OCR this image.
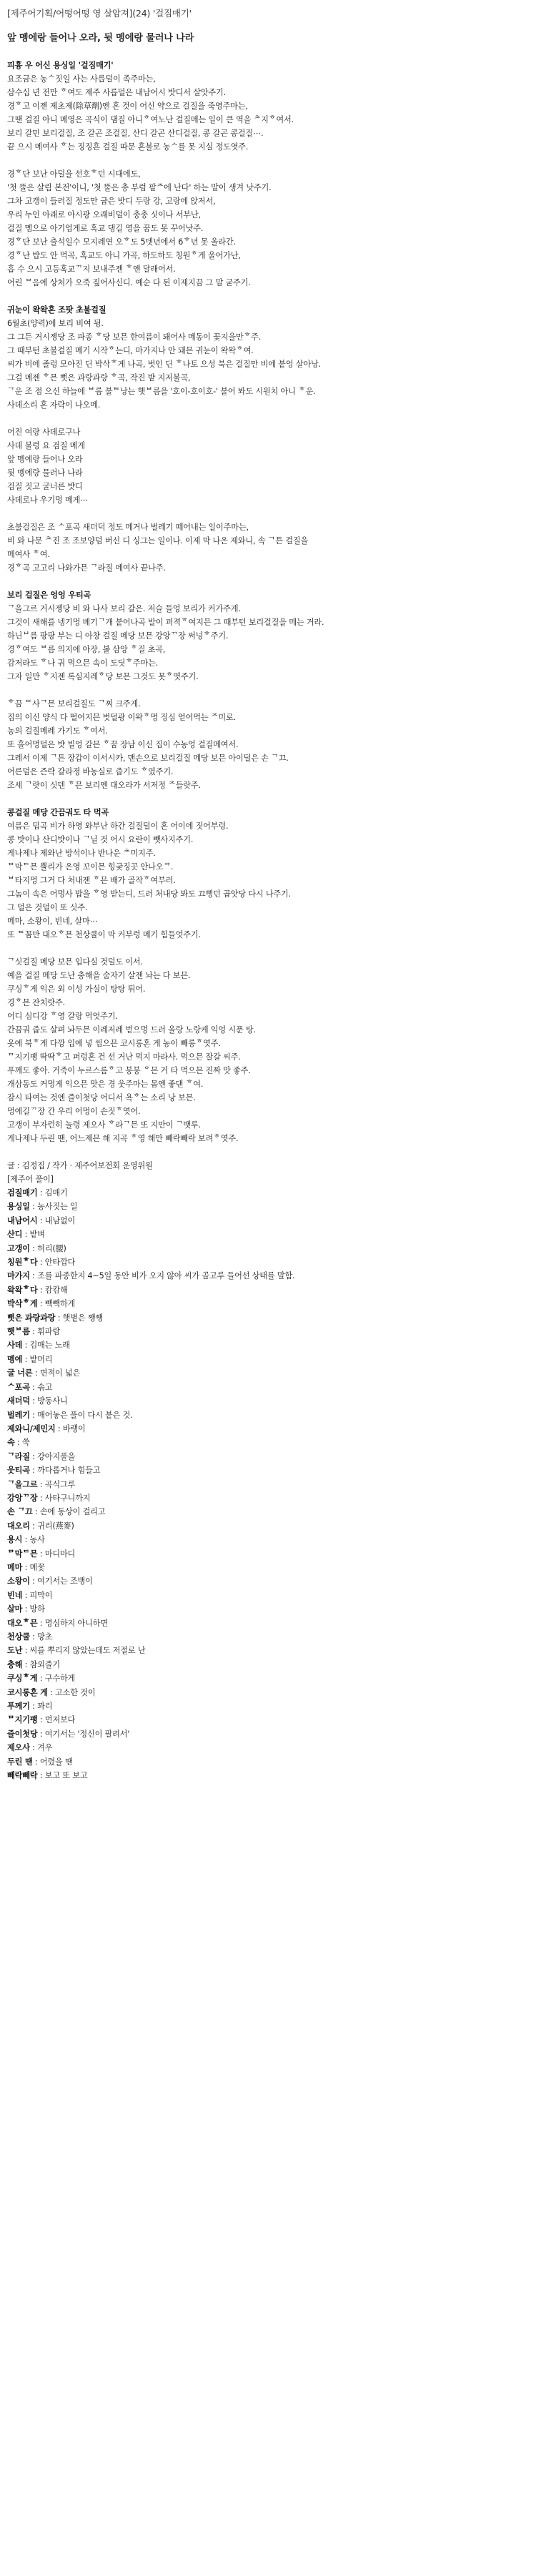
[제주어기획/어떵어떵 영 살암져](24) '걸짐매기'

앞 멩에랑 들어나 오라, 뒷 멩에랑 물러나 나라

피흉 우 어신 용싱일 '걸짐매기'

요조금은 농ᄉ짓일 사는 사릅덜이 족주마는,

삼수십 년 전만 ᄒ여도 제주 사릅덜은 내남어시 밧디서 살앗주기.

경ᄒ고 이젠 제초제(除草劑)엔 혼 것이 어신 약으로 걸질을 죽영주마는,

그땐 걸질 아니 메영은 곡식이 댐질 아니ᄒ여노난 걸질메는 일이 큰 역을 ᄎ지ᄒ여서.

보리 갈민 보리걸질, 조 갈곤 조걸질, 산디 갈곤 산디걸질, 콩 갈곤 콩걸질⋯.

끝 으시 메여사 ᄒ는 징징흔 걸질 따문 혼불로 농ᄉ를 못 지실 정도엿주.

경ᄒ단 보난 아덜을 선호ᄒ던 시대에도,

'첫 뚤은 살림 본전'이니, '첫 뚤은 총 부럼 팔ᄌ에 난다' 하는 말이 생겨 낫주기.

그차 고갱이 들러질 정도만 굽은 밧디 두랑 강, 고랑에 앉저서,

우리 누인 아래로 아시광 오래비덜이 총총 싯이나 서부난,

걸질 멤으로 아기업게로 혹교 댕길 영을 꿈도 못 꾸어낫주.

경ᄒ단 보난 출석일수 모지레연 오ᄒ도 5뎃년에서 6ᄒ년 못 올라간.

경ᄒ난 밥도 안 먹곡, 혹교도 아니 가곡, 하도하도 칭원ᄒ게 울어가난,

흡 수 으시 고등혹교ᄁ지 보내주젠 ᄒ엔 달래어서.

어린 ᄆ음에 상처가 오죽 짚어사신디. 예순 다 된 이제지끔 그 말 굳주기.

귀눈이 왁왁혼 조팟 초불걸질

6월초(양력)에 보리 비여 뒹.

그 그든 거시젱당 조 파종 ᄒ당 보믄 한여름이 돼어사 메동이 꽃지을만ᄒ주.

그 때부턴 초불걸질 메기 시작ᄒ는디, 마가지나 안 돼믄 귀눈이 왁왁ᄒ여.

씨가 비에 졸렁 모아진 딘 박삭ᄒ게 나곡, 벗인 딘 ᄒ나토 으성 북은 걸질만 비에 붙엉 살아낭.

그걸 메젠 ᄒ믄 뻣은 과랑과랑 ᄒ곡, 작진 밭 지저불곡,

ᄀ운 조 점 으신 하늘에 ᄇ롬 불ᄐ낭는 햇ᄇ름을 '호이-호이호-' 불어 봐도 시원치 아니 ᄒ운.

사데소리 혼 자락이 나오메.

어진 여랑 사데로구나

사데 불렁 요 검질 메게

앞 멩에랑 들어나 오라

뒷 멩에랑 물러나 나라

검질 짓고 굴너른 밧디

사데로나 우기멍 메게⋯

초불걸질은 조 ᄉ포곡 새더덕 정도 메거나 벌레기 떼어내는 일이주마는,

비 와 나문 ᄎ진 조 조보양덤 버신 디 싱그는 일이나. 이제 막 나온 제와니, 속 ᄀ튼 걸질을

메여사 ᄒ여.

경ᄒ곡 고고리 나와가믄 ᄀ라질 메여사 끝나주.

보리 걸질은 엉엉 우티곡

ᄀ을그르 거시젱당 비 와 나사 보리 갈은. 저슬 들엉 보리가 커가주게.

그것이 새해를 넹기멍 베기ᄀ개 붙어나곡 발이 퍼젹ᄒ여지믄 그 때부턴 보리걸질을 메는 거라.

하닌ᄇ름 팡팡 부는 디 아창 걸질 메당 보믄 강앙ᄁ장 써넝ᄒ주기.

경ᄒ여도 ᄇ름 의지에 아장, 볼 삼앙 ᄒ질 초곡,

감저라도 ᄒ나 궈 먹으믄 속이 도딧ᄒ주마는.

그자 일만 ᄒ지젠 록심지레ᄒ당 보믄 그것도 못ᄒ엿주기.

ᄒ끔 ᄄ사ᄀ믄 보리걸질도 ᄀ찌 크주게.

집의 이신 양식 다 떨어지믄 벗덜광 이왁ᄒ멍 징심 얻어먹는 ᄌ미로.

농의 걸질메레 가기도 ᄒ여서.

또 홀어멍덜은 밧 빌엉 갈믄 ᄒ꿈 장남 이신 집이 수농엉 걸질메여서.

그레서 이제 ᄀ튼 장갑이 이서시카, 맨손으로 보리걸질 메당 보믄 아이덜은 손 ᄀ끄.

어른덜은 즌락 갈라졍 바농실로 줍기도 ᄒ였주기.

조세 ᄀ랏이 싯덴 ᄒ믄 보리엔 대오라가 서저정 ᄌ들랏주.

콩걸질 메당 간끔궈도 타 먹곡

여름은 덥곡 비가 하영 와부난 하간 걸질덜이 혼 어이에 짓어부렁.

콩 밧이나 산디밧이나 ᄀ닐 것 어시 요란이 뺏사지주기.

게나제나 제와난 방석이나 반나운 ᄎ미지주.

ᄆ막ᄃ믄 뿔리가 온영 꼬이믄 힝궂징곳 안나오ᄏ.

ᄇ타지멍 그거 다 처내젠 ᄒ믄 배가 골작ᄒ여부러.

그놈이 속은 어멍사 밥을 ᄒ영 받는디, 드러 처내당 봐도 끄뻥던 곱앗당 다시 나주기.

그 덜은 것덜이 또 싯주.

메마, 소왕이, 빈네, 살마⋯

또 ᄐ꼼만 대오ᄒ믄 천상쿨이 막 커부렁 메기 힘들엇주기.

ᄀ싯걸질 메당 보믄 입다실 것덜도 이서.

예을 걸질 메당 도난 충해을 숨자기 살젠 놔는 다 보믄.

쿠싱ᄒ게 익은 외 이성 가실이 탕탕 튀어.

경ᄒ믄 잔치랏주.

어디 심디강 ᄒ영 갈랑 먹엇주기.

간끔궈 줍도 살펴 놔두믄 이레저레 벋으멍 드러 울랑 노랑케 익엉 시푼 탕.

옷에 북ᄒ게 다깡 입에 넣 씹으믄 코시롱혼 게 농이 빼롱ᄒ엿주.

ᄆ지기팽 딱딱ᄒ고 퍼렁혼 건 선 거난 먹지 마라사. 먹으믄 잘갈 씨주.

푸께도 좋아. 거죽이 누르스롬ᄒ고 붕붕 ᄋ믄 거 타 먹으믄 진짜 맛 좋주.

개삼동도 커멍게 익으믄 맛은 경 웃주마는 몸엔 좋댄 ᄒ여.

잠시 타여는 것엔 즐이첫당 어디서 욕ᄒ는 소리 낭 보믄.

멍에길ᄁ장 간 우리 어멍이 손짓ᄒ엿어.

고갱이 부자런히 놀령 제오사 ᄒ라ᄀ믄 또 지만이 ᄀ뱃루.

게나제나 두린 땐, 어느제믄 해 지곡 ᄒ영 해만 빼락빼락 보려ᄒ엿주.

글 : 김정집 / 작가 · 제주어보전회 운영위원

[제주어 풀이]

검질매기 : 김매기

용싱일 : 농사짓는 일

내남어시 : 내남없이

산디 : 밭벼

고갱이 : 허리(腰)

칭원ᄒ다 : 안타깝다

마가지 : 조를 파종한지 4~5일 동안 비가 오지 않아 씨가 골고루 들어선 상태를 말함.

왁왁ᄒ다 : 캄캄해

박삭ᄒ게 : 빽빽하게

뻣은 과랑과랑 : 햇볕은 쨍쨍

햇ᄇ름 : 휘파람

사데 : 김매는 노래

멩에 : 밭머리

굴 너른 : 면적이 넓은

ᄉ포곡 : 솎고

새더덕 : 방동사니

벌레기 : 매어놓은 풀이 다시 붙은 것.

제와니/제민지 : 바랭이

속 : 쑥

ᄀ라질 : 강아지풀을

웃티곡 : 까다롭거나 힘들고

ᄀ을그르 : 곡식그루

강앙ᄁ장 : 사타구니까지

손 ᄀ끄 : 손에 동상이 걸리고

대오리 : 귀리(燕麥)

용시 : 농사

ᄆ막ᄃ믄 : 마디마디

메마 : 메꽃

소왕이 : 여기서는 조뱅이

빈네 : 피막이

살마 : 방하

대오ᄒ믄 : 명심하지 아니하면

천상쿨 : 망초

도난 : 씨를 뿌리지 않았는데도 저절로 난

충해 : 참외줄기

쿠싱ᄒ게 : 구수하게

코시롱혼 게 : 고소한 것이

푸께기 : 꽈리

ᄆ지기팽 : 먼저보다

즐이첫당 : 여기서는 '정신이 팔려서'

제오사 : 겨우

두린 땐 : 어렸을 땐

빼락빼락 : 보고 또 보고
